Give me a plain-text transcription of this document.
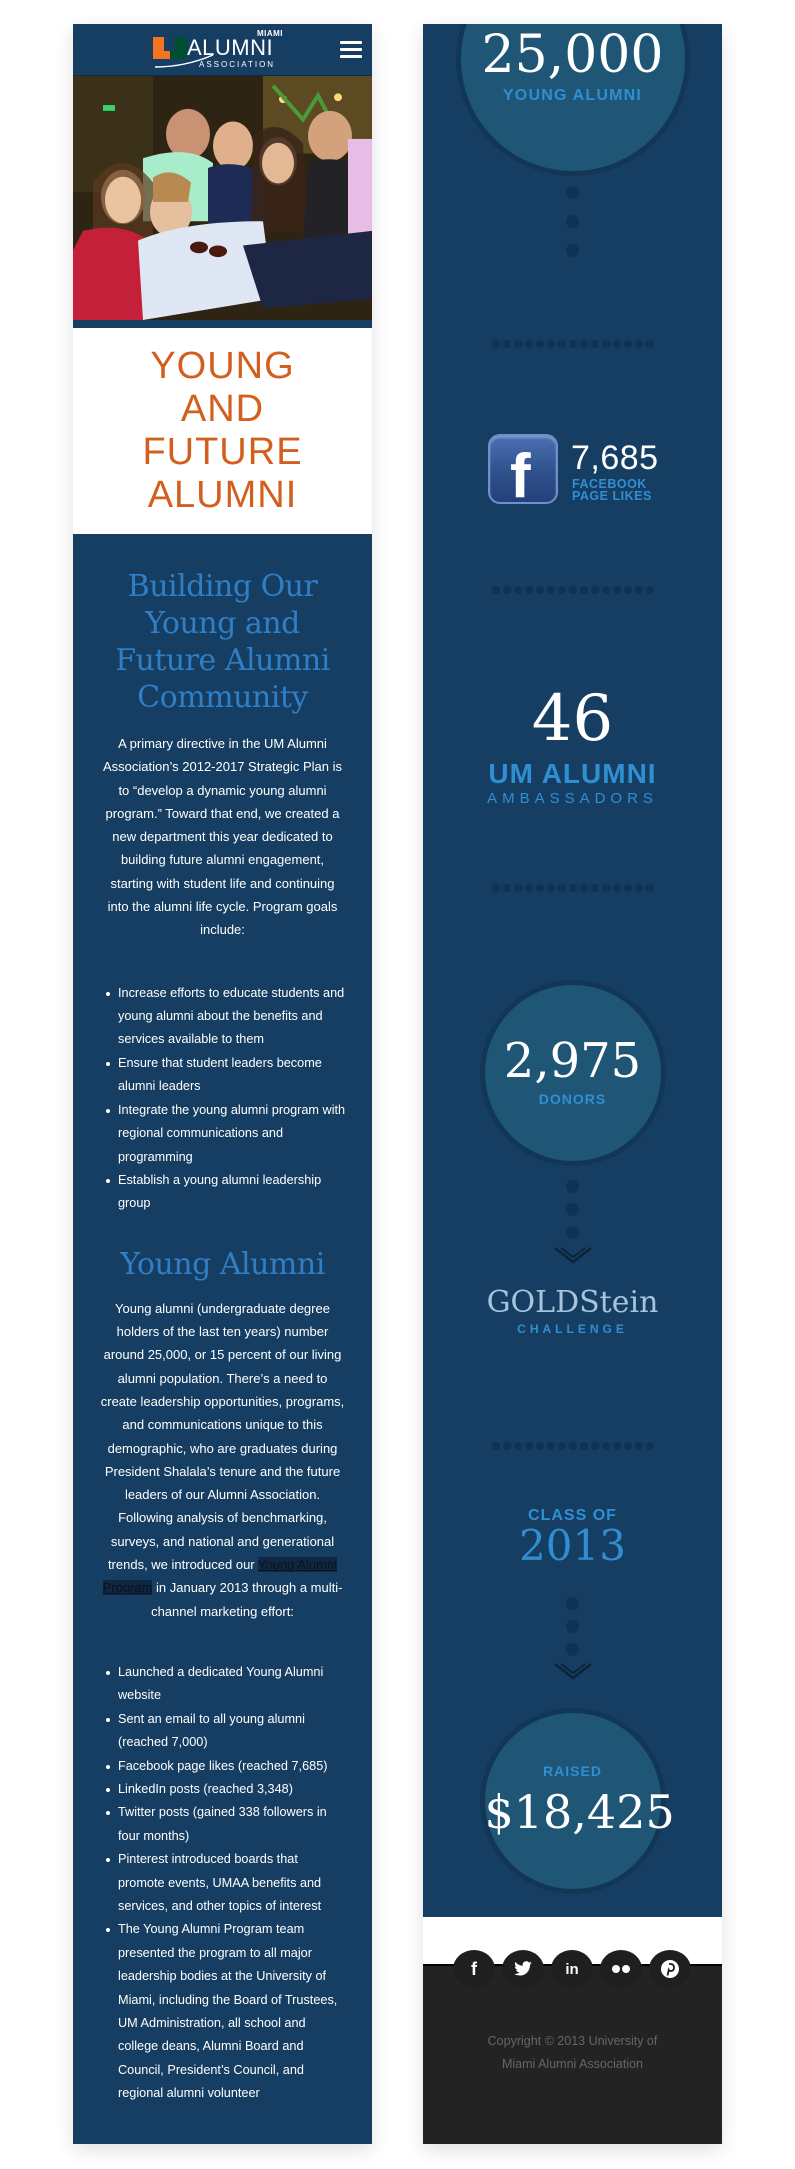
MIAMI
ALUMNI
ASSOCIATION
YOUNG
AND
FUTURE
ALUMNI
Building Our Young and Future Alumni Community

A primary directive in the UM Alumni Association’s 2012-2017 Strategic Plan is to “develop a dynamic young alumni program.” Toward that end, we created a new department this year dedicated to building future alumni engagement, starting with student life and continuing into the alumni life cycle. Program goals include:

Increase efforts to educate students and young alumni about the benefits and services available to them
Ensure that student leaders become alumni leaders
Integrate the young alumni program with regional communications and programming
Establish a young alumni leadership group
Young Alumni

Young alumni (undergraduate degree holders of the last ten years) number around 25,000, or 15 percent of our living alumni population. There’s a need to create leadership opportunities, programs, and communications unique to this demographic, who are graduates during President Shalala’s tenure and the future leaders of our Alumni Association. Following analysis of benchmarking, surveys, and national and generational trends, we introduced our Young Alumni Program in January 2013 through a multi-channel marketing effort:

Launched a dedicated Young Alumni website
Sent an email to all young alumni (reached 7,000)
Facebook page likes (reached 7,685)
LinkedIn posts (reached 3,348)
Twitter posts (gained 338 followers in four months)
Pinterest introduced boards that promote events, UMAA benefits and services, and other topics of interest
The Young Alumni Program team presented the program to all major leadership bodies at the University of Miami, including the Board of Trustees, UM Administration, all school and college deans, Alumni Board and Council, President’s Council, and regional alumni volunteer
25,000
YOUNG ALUMNI
f 7,685
FACEBOOK
PAGE LIKES
46
UM ALUMNI
AMBASSADORS
2,975
DONORS
GOLDStein
CHALLENGE
CLASS OF
2013
RAISED
$18,425
f	in
Copyright © 2013 University of Miami Alumni Association
